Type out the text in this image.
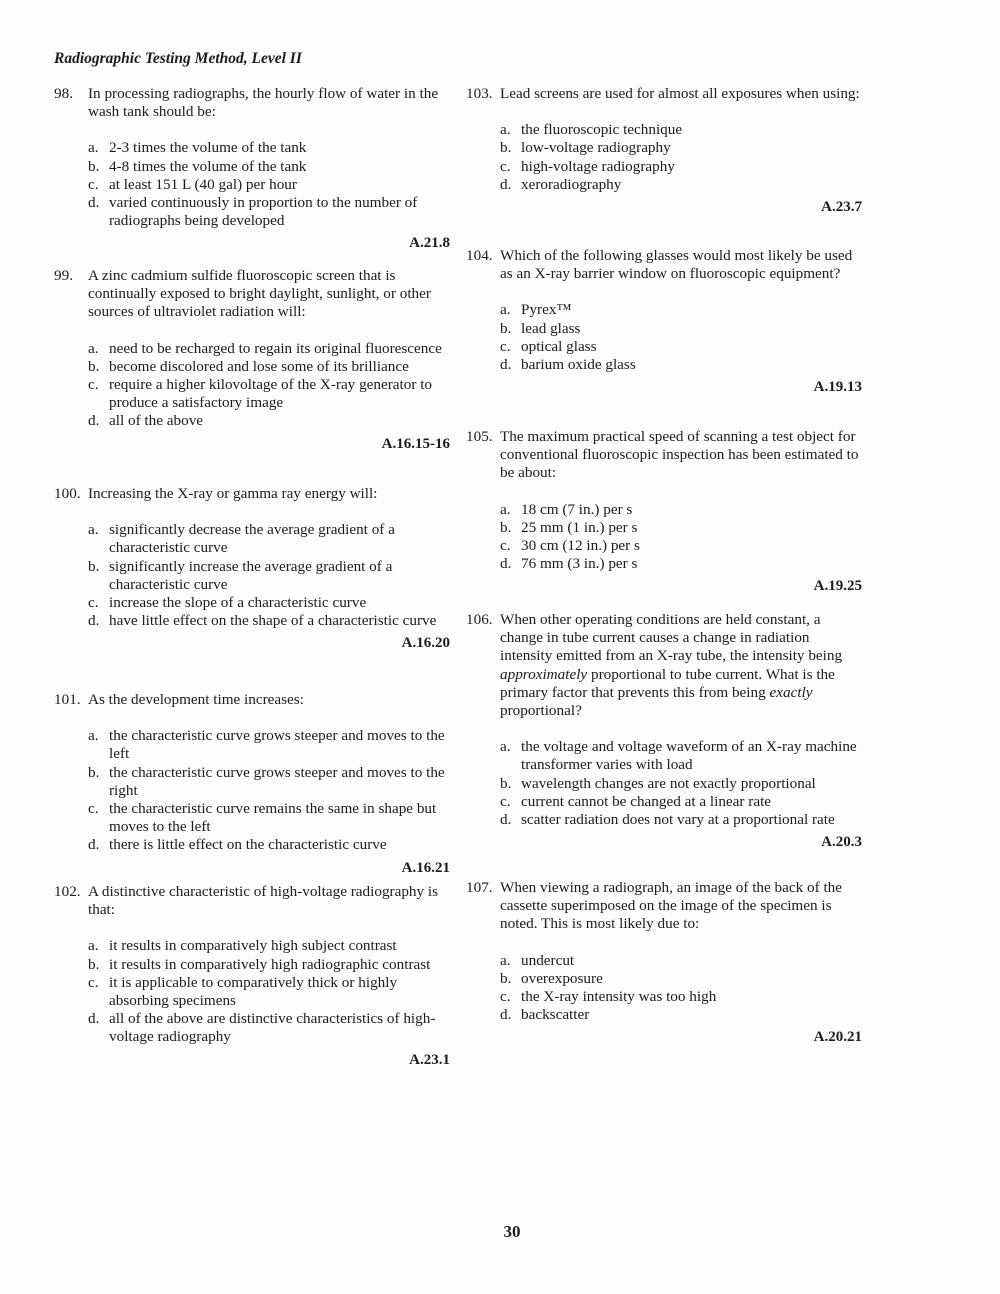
Radiographic Testing Method, Level II
98. In processing radiographs, the hourly flow of water in the wash tank should be:
a. 2-3 times the volume of the tank
b. 4-8 times the volume of the tank
c. at least 151 L (40 gal) per hour
d. varied continuously in proportion to the number of radiographs being developed
A.21.8
99. A zinc cadmium sulfide fluoroscopic screen that is continually exposed to bright daylight, sunlight, or other sources of ultraviolet radiation will:
a. need to be recharged to regain its original fluorescence
b. become discolored and lose some of its brilliance
c. require a higher kilovoltage of the X-ray generator to produce a satisfactory image
d. all of the above
A.16.15-16
100. Increasing the X-ray or gamma ray energy will:
a. significantly decrease the average gradient of a characteristic curve
b. significantly increase the average gradient of a characteristic curve
c. increase the slope of a characteristic curve
d. have little effect on the shape of a characteristic curve
A.16.20
101. As the development time increases:
a. the characteristic curve grows steeper and moves to the left
b. the characteristic curve grows steeper and moves to the right
c. the characteristic curve remains the same in shape but moves to the left
d. there is little effect on the characteristic curve
A.16.21
102. A distinctive characteristic of high-voltage radiography is that:
a. it results in comparatively high subject contrast
b. it results in comparatively high radiographic contrast
c. it is applicable to comparatively thick or highly absorbing specimens
d. all of the above are distinctive characteristics of high-voltage radiography
A.23.1
103. Lead screens are used for almost all exposures when using:
a. the fluoroscopic technique
b. low-voltage radiography
c. high-voltage radiography
d. xeroradiography
A.23.7
104. Which of the following glasses would most likely be used as an X-ray barrier window on fluoroscopic equipment?
a. Pyrex™
b. lead glass
c. optical glass
d. barium oxide glass
A.19.13
105. The maximum practical speed of scanning a test object for conventional fluoroscopic inspection has been estimated to be about:
a. 18 cm (7 in.) per s
b. 25 mm (1 in.) per s
c. 30 cm (12 in.) per s
d. 76 mm (3 in.) per s
A.19.25
106. When other operating conditions are held constant, a change in tube current causes a change in radiation intensity emitted from an X-ray tube, the intensity being approximately proportional to tube current. What is the primary factor that prevents this from being exactly proportional?
a. the voltage and voltage waveform of an X-ray machine transformer varies with load
b. wavelength changes are not exactly proportional
c. current cannot be changed at a linear rate
d. scatter radiation does not vary at a proportional rate
A.20.3
107. When viewing a radiograph, an image of the back of the cassette superimposed on the image of the specimen is noted. This is most likely due to:
a. undercut
b. overexposure
c. the X-ray intensity was too high
d. backscatter
A.20.21
30
